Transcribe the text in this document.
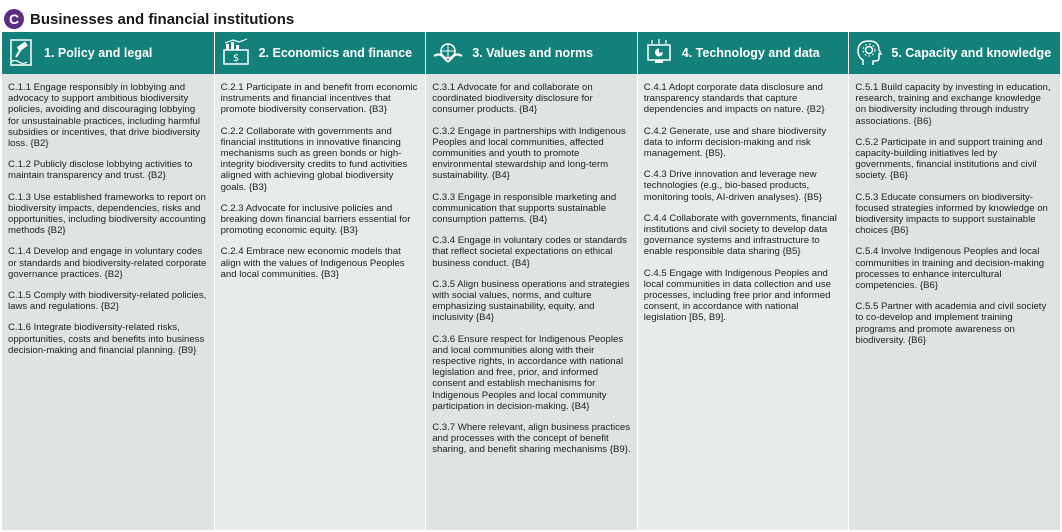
C Businesses and financial institutions
1. Policy and legal

C.1.1 Engage responsibly in lobbying and advocacy to support ambitious biodiversity policies, avoiding and discouraging lobbying for unsustainable practices, including harmful subsidies or incentives, that drive biodiversity loss. {B2}

C.1.2 Publicly disclose lobbying activities to maintain transparency and trust. {B2}

C.1.3 Use established frameworks to report on biodiversity impacts, dependencies, risks and opportunities, including biodiversity accounting methods {B2}

C.1.4 Develop and engage in voluntary codes or standards and biodiversity-related corporate governance practices. {B2}

C.1.5 Comply with biodiversity-related policies, laws and regulations. {B2}

C.1.6 Integrate biodiversity-related risks, opportunities, costs and benefits into business decision-making and financial planning. {B9}

$ 2. Economics and finance

C.2.1 Participate in and benefit from economic instruments and financial incentives that promote biodiversity conservation. {B3}

C.2.2 Collaborate with governments and financial institutions in innovative financing mechanisms such as green bonds or high-integrity biodiversity credits to fund activities aligned with achieving global biodiversity goals. {B3}

C.2.3 Advocate for inclusive policies and breaking down financial barriers essential for promoting economic equity. {B3}

C.2.4 Embrace new economic models that align with the values of Indigenous Peoples and local communities. {B3}

3. Values and norms

C.3.1 Advocate for and collaborate on coordinated biodiversity disclosure for consumer products. {B4}

C.3.2 Engage in partnerships with Indigenous Peoples and local communities, affected communities and youth to promote environmental stewardship and long-term sustainability. {B4}

C.3.3 Engage in responsible marketing and communication that supports sustainable consumption patterns. {B4}

C.3.4 Engage in voluntary codes or standards that reflect societal expectations on ethical business conduct. {B4}

C.3.5 Align business operations and strategies with social values, norms, and culture emphasizing sustainability, equity, and inclusivity {B4}

C.3.6 Ensure respect for Indigenous Peoples and local communities along with their respective rights, in accordance with national legislation and free, prior, and informed consent and establish mechanisms for Indigenous Peoples and local community participation in decision-making. {B4}

C.3.7 Where relevant, align business practices and processes with the concept of benefit sharing, and benefit sharing mechanisms {B9}.

4. Technology and data

C.4.1 Adopt corporate data disclosure and transparency standards that capture dependencies and impacts on nature. {B2}

C.4.2 Generate, use and share biodiversity data to inform decision-making and risk management. {B5}.

C.4.3 Drive innovation and leverage new technologies (e.g., bio-based products, monitoring tools, AI-driven analyses). {B5}

C.4.4 Collaborate with governments, financial institutions and civil society to develop data governance systems and infrastructure to enable responsible data sharing {B5}

C.4.5 Engage with Indigenous Peoples and local communities in data collection and use processes, including free prior and informed consent, in accordance with national legislation [B5, B9].

5. Capacity and knowledge

C.5.1 Build capacity by investing in education, research, training and exchange knowledge on biodiversity including through industry associations. {B6}

C.5.2 Participate in and support training and capacity-building initiatives led by governments, financial institutions and civil society. {B6}

C.5.3 Educate consumers on biodiversity-focused strategies informed by knowledge on biodiversity impacts to support sustainable choices {B6}

C.5.4 Involve Indigenous Peoples and local communities in training and decision-making processes to enhance intercultural competencies. {B6}

C.5.5 Partner with academia and civil society to co-develop and implement training programs and promote awareness on biodiversity. {B6}
